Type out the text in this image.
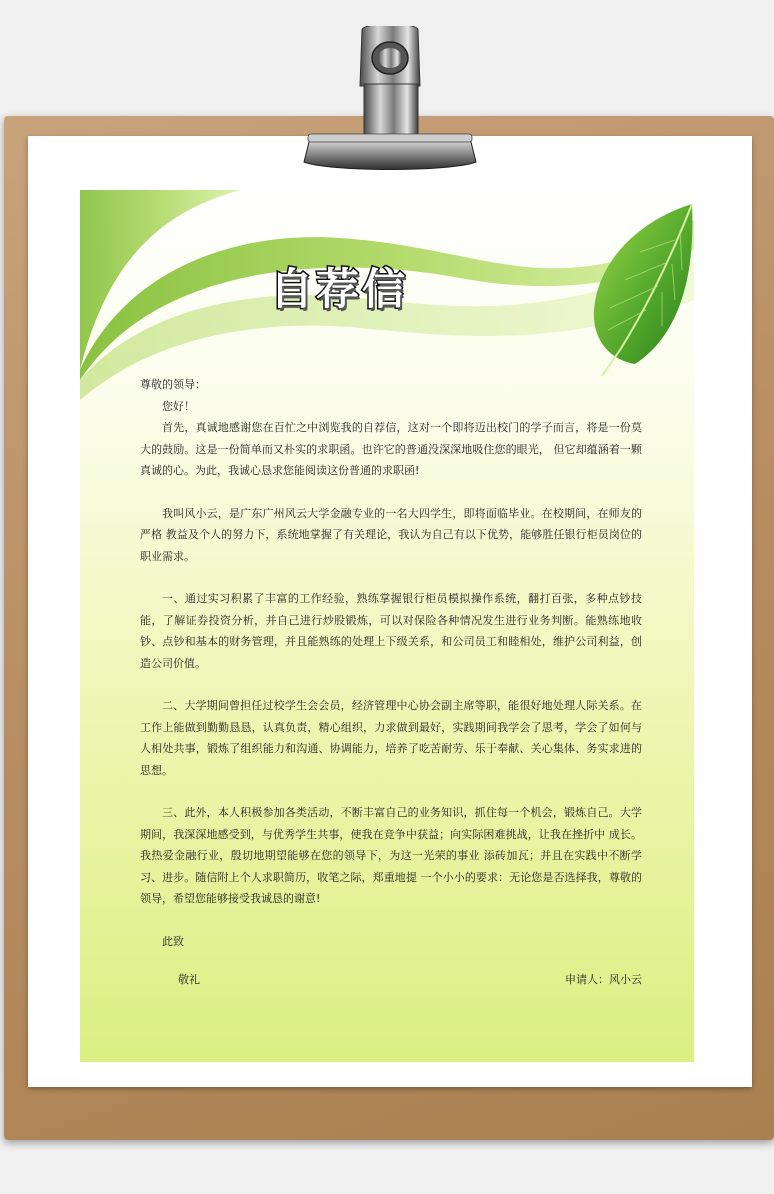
自荐信

尊敬的领导：

您好！

首先，真诚地感谢您在百忙之中浏览我的自荐信，这对一个即将迈出校门的学子而言，将是一份莫大的鼓励。这是一份简单而又朴实的求职函。也许它的普通没深深地吸住您的眼光， 但它却蕴涵着一颗真诚的心。为此，我诚心恳求您能阅读这份普通的求职函!

我叫风小云，是广东广州风云大学金融专业的一名大四学生，即将面临毕业。在校期间，在师友的严格 教益及个人的努力下，系统地掌握了有关理论，我认为自己有以下优势，能够胜任银行柜员岗位的职业需求。

一、通过实习积累了丰富的工作经验，熟练掌握银行柜员模拟操作系统，翻打百张，多种点钞技能，了解证券投资分析，并自己进行炒股锻炼，可以对保险各种情况发生进行业务判断。能熟练地收钞、点钞和基本的财务管理，并且能熟练的处理上下级关系，和公司员工和睦相处，维护公司利益，创造公司价值。

二、大学期间曾担任过校学生会会员，经济管理中心协会副主席等职，能很好地处理人际关系。在工作上能做到勤勤恳恳，认真负责，精心组织，力求做到最好，实践期间我学会了思考，学会了如何与人相处共事，锻炼了组织能力和沟通、协调能力，培养了吃苦耐劳、乐于奉献、关心集体、务实求进的思想。

三、此外，本人积极参加各类活动，不断丰富自己的业务知识，抓住每一个机会，锻炼自己。大学期间，我深深地感受到，与优秀学生共事，使我在竞争中获益；向实际困难挑战，让我在挫折中 成长。我热爱金融行业，殷切地期望能够在您的领导下，为这一光荣的事业 添砖加瓦；并且在实践中不断学习、进步。随信附上个人求职简历，收笔之际，郑重地提 一个小小的要求：无论您是否选择我，尊敬的领导，希望您能够接受我诚恳的谢意!

此致

敬礼	申请人：风小云
